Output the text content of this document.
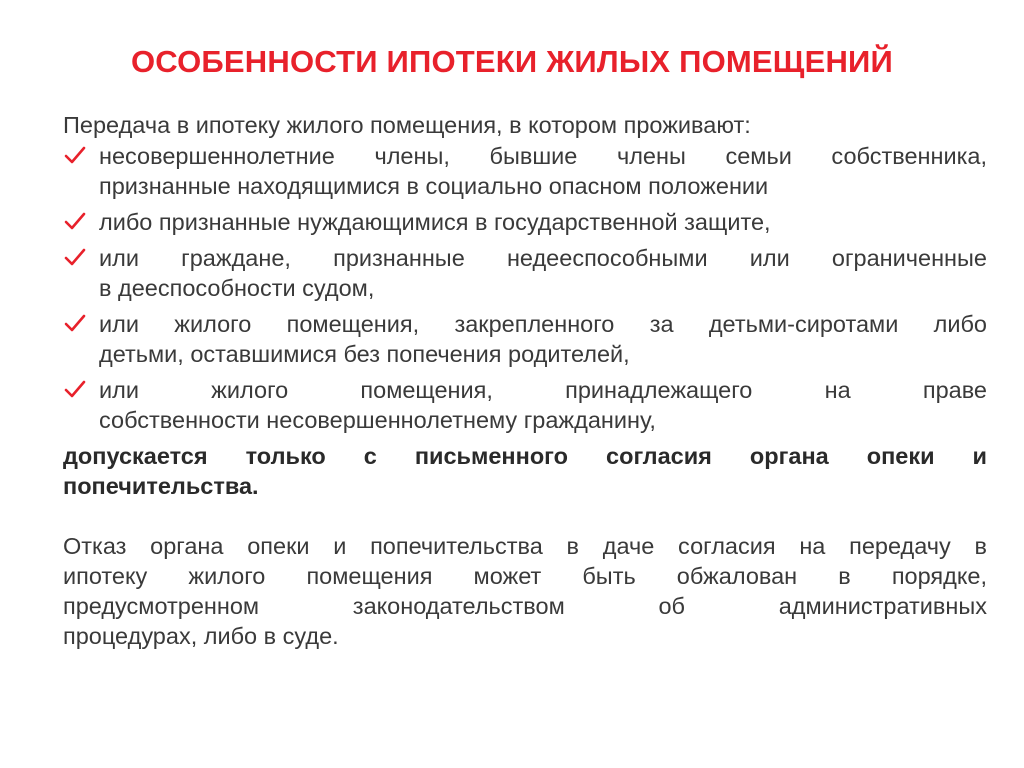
ОСОБЕННОСТИ ИПОТЕКИ ЖИЛЫХ ПОМЕЩЕНИЙ

Передача в ипотеку жилого помещения, в котором проживают:

несовершеннолетние члены, бывшие члены семьи собственника,
признанные находящимися в социально опасном положении
либо признанные нуждающимися в государственной защите,
или граждане, признанные недееспособными или ограниченные
в дееспособности судом,
или жилого помещения, закрепленного за детьми-сиротами либо
детьми, оставшимися без попечения родителей,
или жилого помещения, принадлежащего на праве
собственности несовершеннолетнему гражданину,

допускается только с письменного согласия органа опеки и
попечительства.

Отказ органа опеки и попечительства в даче согласия на передачу в
ипотеку жилого помещения может быть обжалован в порядке,
предусмотренном законодательством об административных
процедурах, либо в суде.
